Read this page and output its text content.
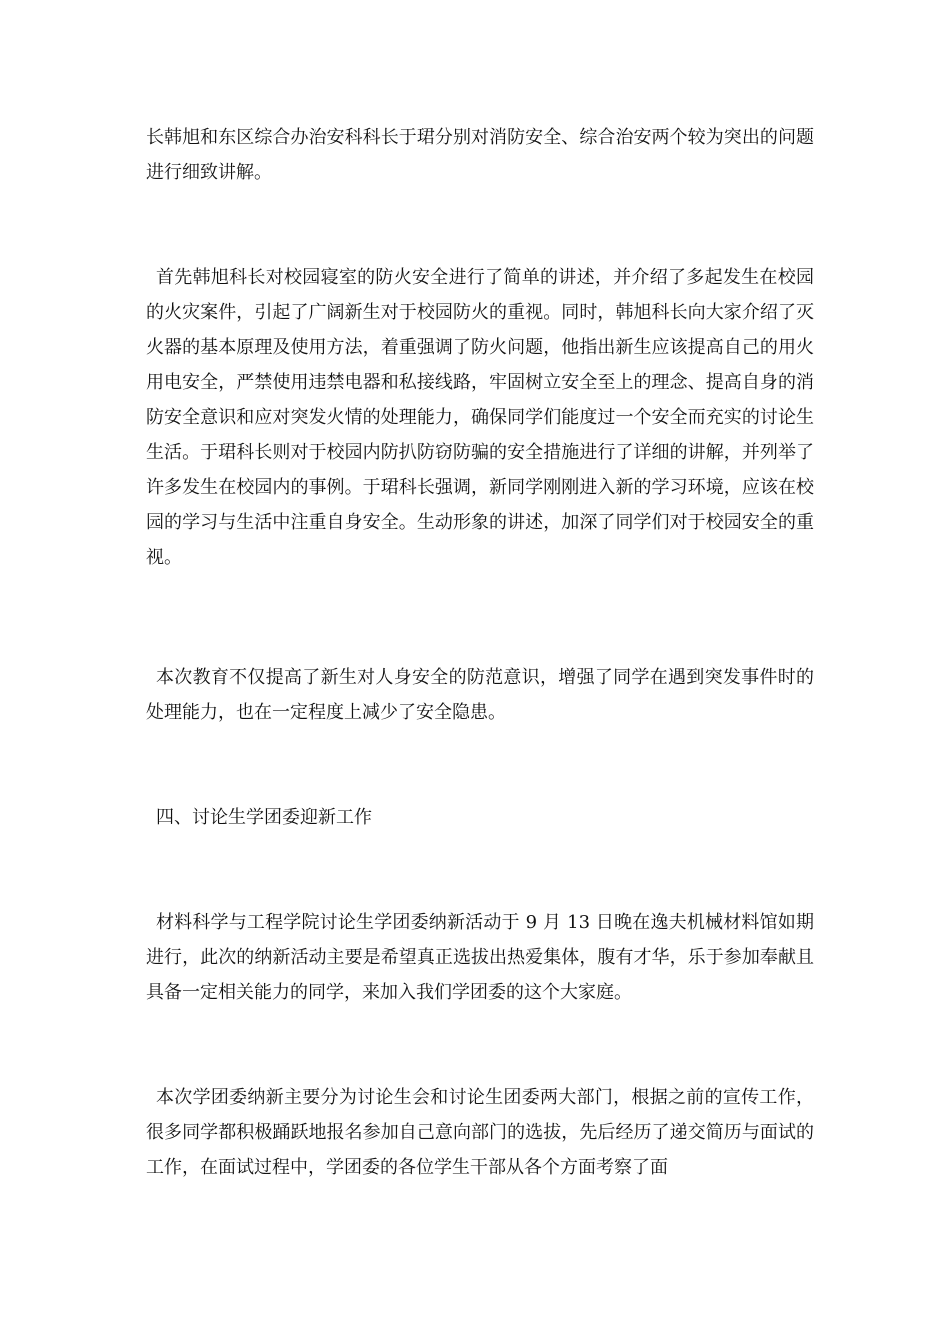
长韩旭和东区综合办治安科科长于珺分别对消防安全、综合治安两个较为突出的问题进行细致讲解。

首先韩旭科长对校园寝室的防火安全进行了简单的讲述，并介绍了多起发生在校园的火灾案件，引起了广阔新生对于校园防火的重视。同时，韩旭科长向大家介绍了灭火器的基本原理及使用方法，着重强调了防火问题，他指出新生应该提高自己的用火用电安全，严禁使用违禁电器和私接线路，牢固树立安全至上的理念、提高自身的消防安全意识和应对突发火情的处理能力，确保同学们能度过一个安全而充实的讨论生生活。于珺科长则对于校园内防扒防窃防骗的安全措施进行了详细的讲解，并列举了许多发生在校园内的事例。于珺科长强调，新同学刚刚进入新的学习环境，应该在校园的学习与生活中注重自身安全。生动形象的讲述，加深了同学们对于校园安全的重视。

本次教育不仅提高了新生对人身安全的防范意识，增强了同学在遇到突发事件时的处理能力，也在一定程度上减少了安全隐患。

四、讨论生学团委迎新工作

材料科学与工程学院讨论生学团委纳新活动于 9 月 13 日晚在逸夫机械材料馆如期进行，此次的纳新活动主要是希望真正选拔出热爱集体，腹有才华，乐于参加奉献且具备一定相关能力的同学，来加入我们学团委的这个大家庭。

本次学团委纳新主要分为讨论生会和讨论生团委两大部门，根据之前的宣传工作，很多同学都积极踊跃地报名参加自己意向部门的选拔，先后经历了递交简历与面试的工作，在面试过程中，学团委的各位学生干部从各个方面考察了面
